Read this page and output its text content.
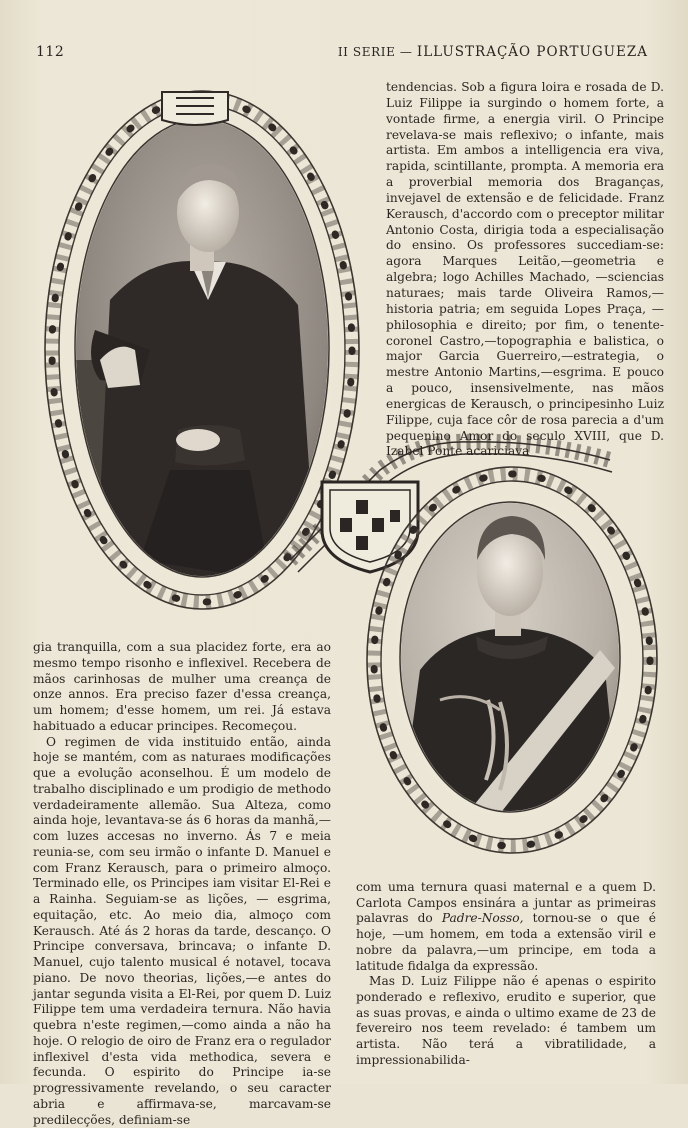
112	II SERIE — ILLUSTRAÇÃO PORTUGUEZA

tendencias. Sob a figura loira e rosada de D. Luiz Filippe ia surgindo o homem forte, a vontade firme, a energia viril. O Principe revelava-se mais reflexivo; o infante, mais artista. Em ambos a intelligencia era viva, rapida, scintillante, prompta. A memoria era a proverbial memoria dos Braganças, invejavel de extensão e de felicidade. Franz Kerausch, d'accordo com o preceptor militar Antonio Costa, dirigia toda a especialisação do ensino. Os professores succediam-se: agora Marques Leitão,—geometria e algebra; logo Achilles Machado, —sciencias naturaes; mais tarde Oliveira Ramos,—historia patria; em seguida Lopes Praça, — philosophia e direito; por fim, o tenente-coronel Castro,—topographia e balistica, o major Garcia Guerreiro,—estrategia, o mestre Antonio Martins,—esgrima. E pouco a pouco, insensivelmente, nas mãos energicas de Kerausch, o principesinho Luiz Filippe, cuja face côr de rosa parecia a d'um pequenino Amor do seculo XVIII, que D. Izabel Ponte acariciava

gia tranquilla, com a sua placidez forte, era ao mesmo tempo risonho e inflexivel. Recebera de mãos carinhosas de mulher uma creança de onze annos. Era preciso fazer d'essa creança, um homem; d'esse homem, um rei. Já estava habituado a educar principes. Recomeçou.

O regimen de vida instituido então, ainda hoje se mantém, com as naturaes modificações que a evolução aconselhou. É um modelo de trabalho disciplinado e um prodigio de methodo verdadeiramente allemão. Sua Alteza, como ainda hoje, levantava-se ás 6 horas da manhã,—com luzes accesas no inverno. Ás 7 e meia reunia-se, com seu irmão o infante D. Manuel e com Franz Kerausch, para o primeiro almoço. Terminado elle, os Principes iam visitar El-Rei e a Rainha. Seguiam-se as lições, — esgrima, equitação, etc. Ao meio dia, almoço com Kerausch. Até ás 2 horas da tarde, descanço. O Principe conversava, brincava; o infante D. Manuel, cujo talento musical é notavel, tocava piano. De novo theorias, lições,—e antes do jantar segunda visita a El-Rei, por quem D. Luiz Filippe tem uma verdadeira ternura. Não havia quebra n'este regimen,—como ainda a não ha hoje. O relogio de oiro de Franz era o regulador inflexivel d'esta vida methodica, severa e fecunda. O espirito do Principe ia-se progressivamente revelando, o seu caracter abria e affirmava-se, marcavam-se predilecções, definiam-se

com uma ternura quasi maternal e a quem D. Carlota Campos ensinára a juntar as primeiras palavras do Padre-Nosso, tornou-se o que é hoje, —um homem, em toda a extensão viril e nobre da palavra,—um principe, em toda a latitude fidalga da expressão.

Mas D. Luiz Filippe não é apenas o espirito ponderado e reflexivo, erudito e superior, que as suas provas, e ainda o ultimo exame de 23 de fevereiro nos teem revelado: é tambem um artista. Não terá a vibratilidade, a impressionabilida-
